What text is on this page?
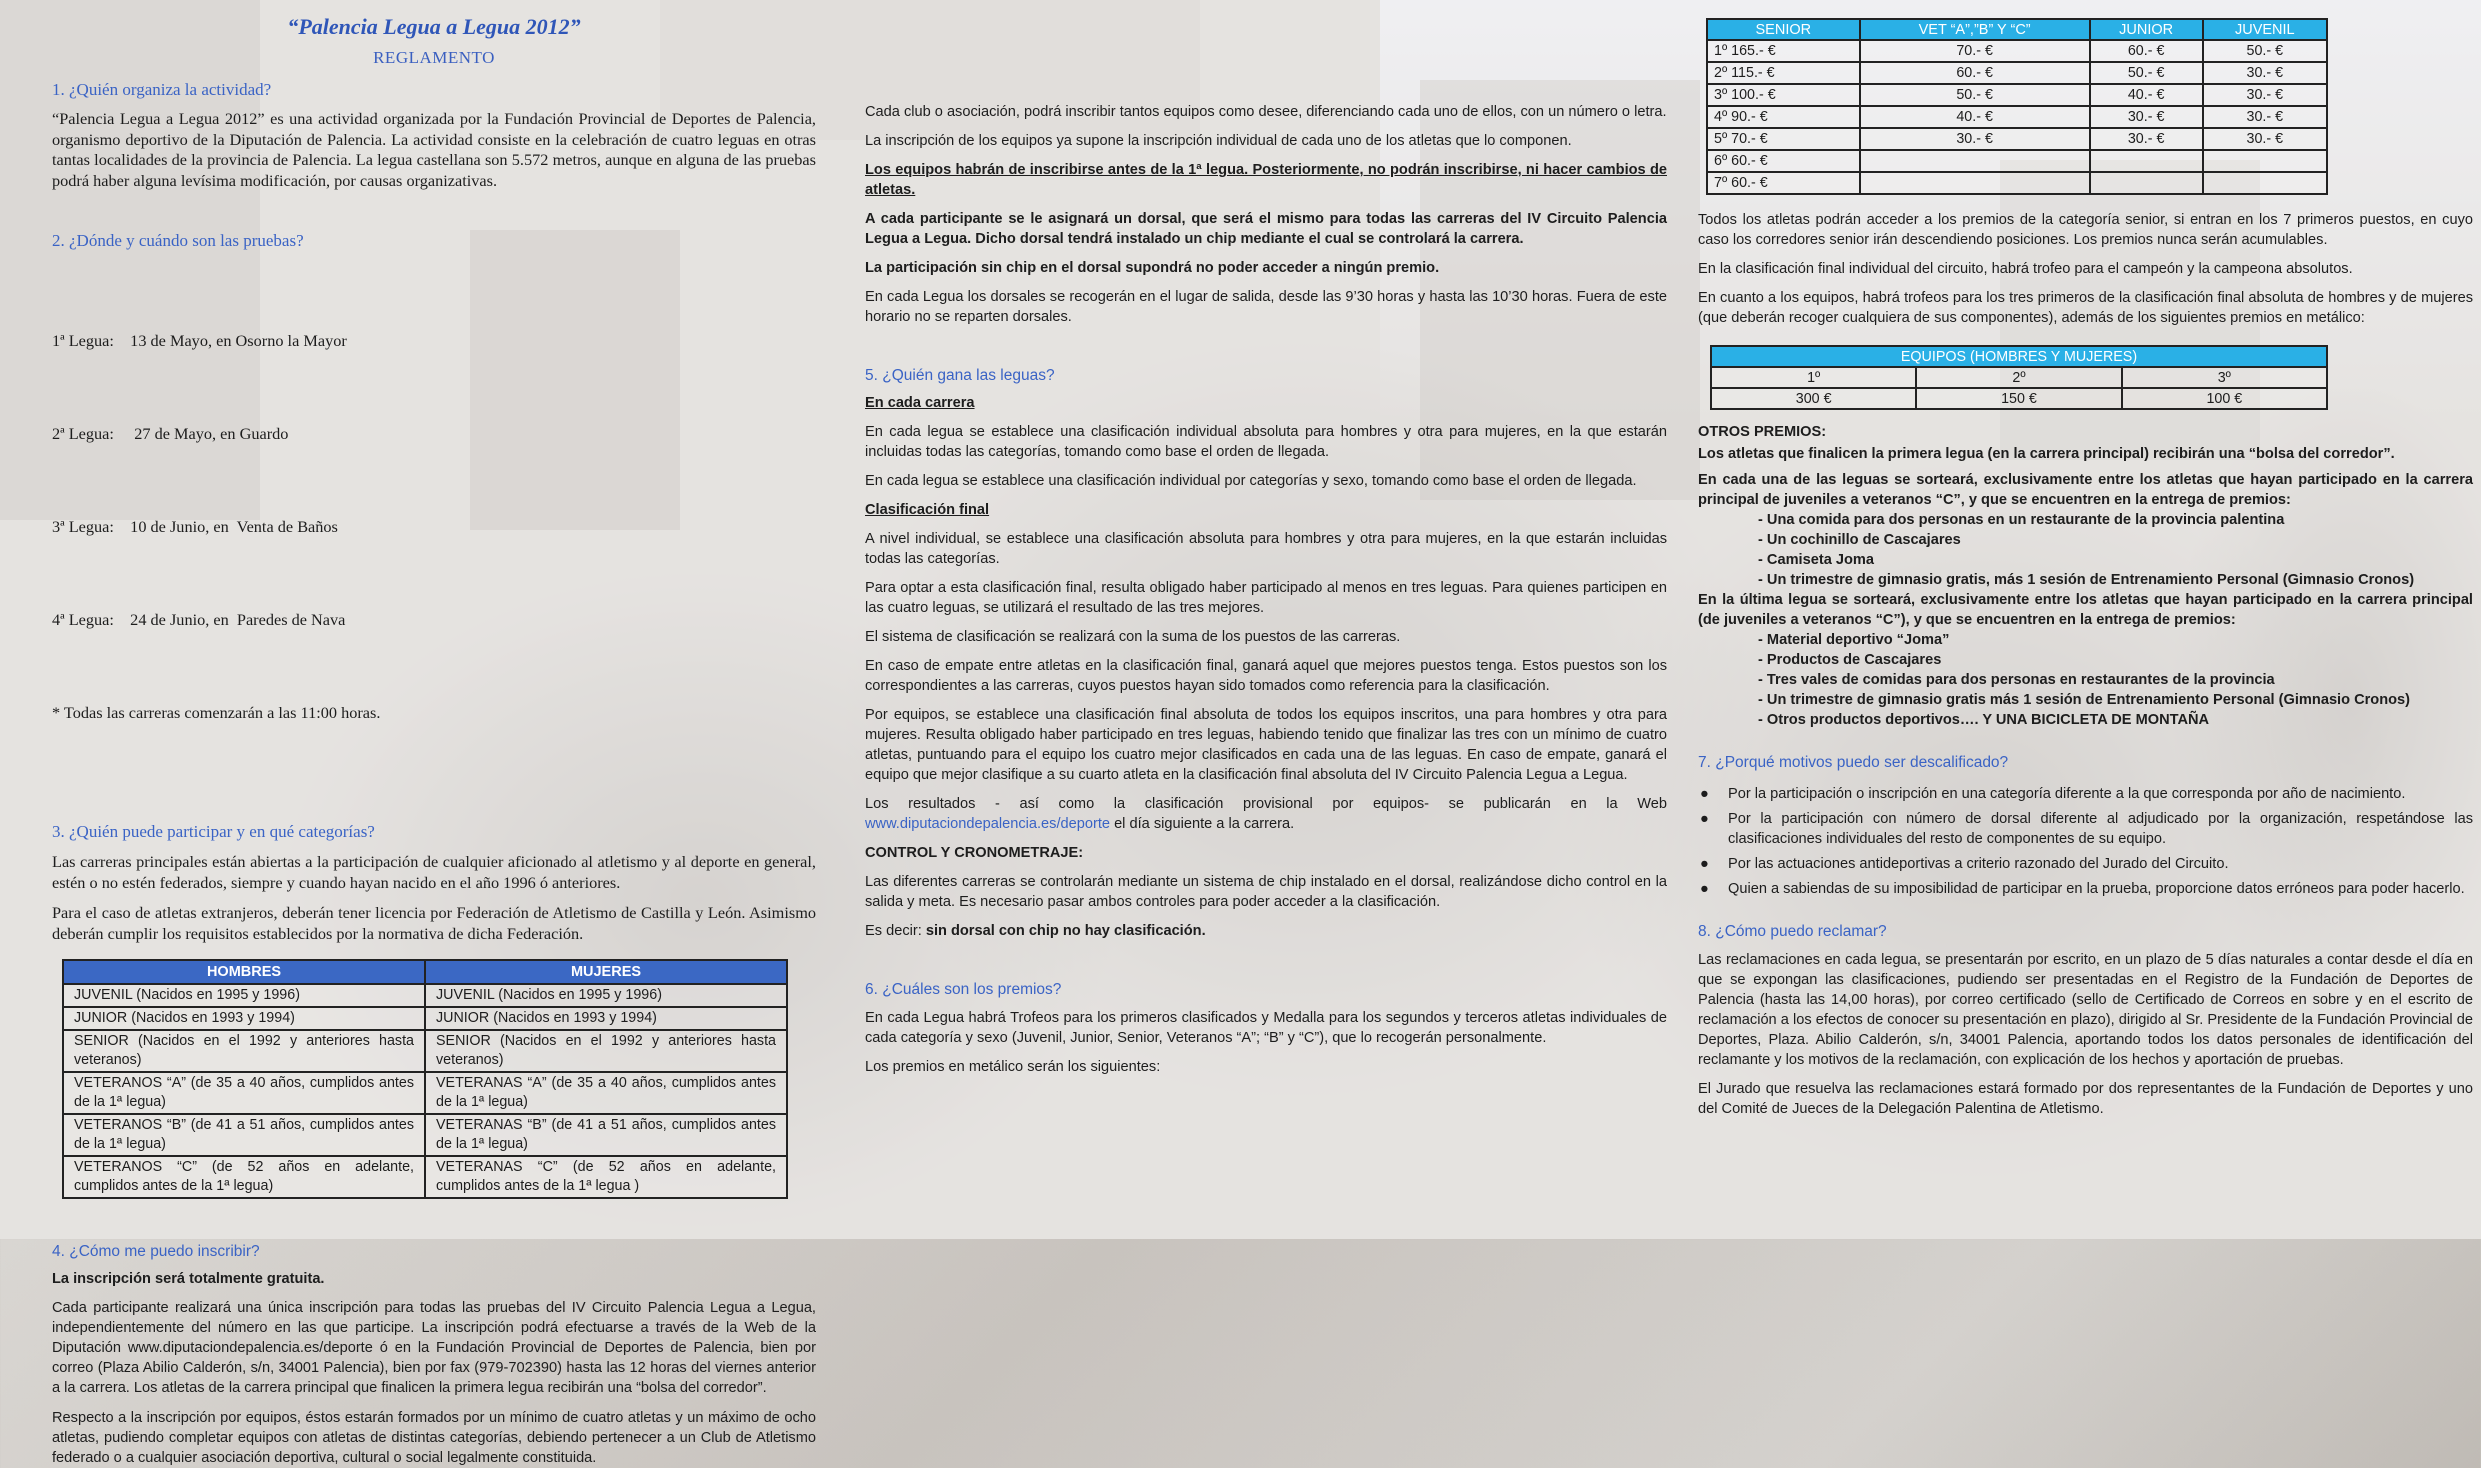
“Palencia Legua a Legua 2012”
REGLAMENTO
1. ¿Quién organiza la actividad?

“Palencia Legua a Legua 2012” es una actividad organizada por la Fundación Provincial de Deportes de Palencia, organismo deportivo de la Diputación de Palencia. La actividad consiste en la celebración de cuatro leguas en otras tantas localidades de la provincia de Palencia. La legua castellana son 5.572 metros, aunque en alguna de las pruebas podrá haber alguna levísima modificación, por causas organizativas.

2. ¿Dónde y cuándo son las pruebas?

1ª Legua:    13 de Mayo, en Osorno la Mayor

2ª Legua:     27 de Mayo, en Guardo

3ª Legua:    10 de Junio, en  Venta de Baños

4ª Legua:    24 de Junio, en  Paredes de Nava

* Todas las carreras comenzarán a las 11:00 horas.

3. ¿Quién puede participar y en qué categorías?

Las carreras principales están abiertas a la participación de cualquier aficionado al atletismo y al deporte en general, estén o no estén federados, siempre y cuando hayan nacido en el año 1996 ó anteriores.

Para el caso de atletas extranjeros, deberán tener licencia por Federación de Atletismo de Castilla y León. Asimismo deberán cumplir los requisitos establecidos por la normativa de dicha Federación.

HOMBRES	MUJERES
JUVENIL (Nacidos en 1995 y 1996)	JUVENIL (Nacidos en 1995 y 1996)
JUNIOR (Nacidos en 1993 y 1994)	JUNIOR (Nacidos en 1993 y 1994)
SENIOR (Nacidos en el 1992 y anteriores hasta veteranos)	SENIOR (Nacidos en el 1992 y anteriores hasta veteranos)
VETERANOS “A” (de 35 a 40 años, cumplidos antes de la 1ª legua)	VETERANAS “A” (de 35 a 40 años, cumplidos antes de la 1ª legua)
VETERANOS “B” (de 41 a 51 años, cumplidos antes de la 1ª legua)	VETERANAS “B” (de 41 a 51 años, cumplidos antes de la 1ª legua)
VETERANOS “C” (de 52 años en adelante, cumplidos antes de la 1ª legua)	VETERANAS “C” (de 52 años en adelante, cumplidos antes de la 1ª legua )
4. ¿Cómo me puedo inscribir?
La inscripción será totalmente gratuita.

Cada participante realizará una única inscripción para todas las pruebas del IV Circuito Palencia Legua a Legua, independientemente del número en las que participe. La inscripción podrá efectuarse a través de la Web de la Diputación www.diputaciondepalencia.es/deporte ó en la Fundación Provincial de Deportes de Palencia, bien por correo (Plaza Abilio Calderón, s/n, 34001 Palencia), bien por fax (979-702390) hasta las 12 horas del viernes anterior a la carrera. Los atletas de la carrera principal que finalicen la primera legua recibirán una “bolsa del corredor”.

Respecto a la inscripción por equipos, éstos estarán formados por un mínimo de cuatro atletas y un máximo de ocho atletas, pudiendo completar equipos con atletas de distintas categorías, debiendo pertenecer a un Club de Atletismo federado o a cualquier asociación deportiva, cultural o social legalmente constituida.

Cada club o asociación, podrá inscribir tantos equipos como desee, diferenciando cada uno de ellos, con un número o letra.

La inscripción de los equipos ya supone la inscripción individual de cada uno de los atletas que lo componen.

Los equipos habrán de inscribirse antes de la 1ª legua. Posteriormente, no podrán inscribirse, ni hacer cambios de atletas.

A cada participante se le asignará un dorsal, que será el mismo para todas las carreras del IV Circuito Palencia Legua a Legua. Dicho dorsal tendrá instalado un chip mediante el cual se controlará la carrera.

La participación sin chip en el dorsal supondrá no poder acceder a ningún premio.

En cada Legua los dorsales se recogerán en el lugar de salida, desde las 9’30 horas y hasta las 10’30 horas. Fuera de este horario no se reparten dorsales.

5. ¿Quién gana las leguas?
En cada carrera

En cada legua se establece una clasificación individual absoluta para hombres y otra para mujeres, en la que estarán incluidas todas las categorías, tomando como base el orden de llegada.

En cada legua se establece una clasificación individual por categorías y sexo, tomando como base el orden de llegada.

Clasificación final

A nivel individual, se establece una clasificación absoluta para hombres y otra para mujeres, en la que estarán incluidas todas las categorías.

Para optar a esta clasificación final, resulta obligado haber participado al menos en tres leguas. Para quienes participen en las cuatro leguas, se utilizará el resultado de las tres mejores.

El sistema de clasificación se realizará con la suma de los puestos de las carreras.

En caso de empate entre atletas en la clasificación final, ganará aquel que mejores puestos tenga. Estos puestos son los correspondientes a las carreras, cuyos puestos hayan sido tomados como referencia para la clasificación.

Por equipos, se establece una clasificación final absoluta de todos los equipos inscritos, una para hombres y otra para mujeres. Resulta obligado haber participado en tres leguas, habiendo tenido que finalizar las tres con un mínimo de cuatro atletas, puntuando para el equipo los cuatro mejor clasificados en cada una de las leguas. En caso de empate, ganará el equipo que mejor clasifique a su cuarto atleta en la clasificación final absoluta del IV Circuito Palencia Legua a Legua.

Los resultados - así como la clasificación provisional por equipos- se publicarán en la Web www.diputaciondepalencia.es/deporte el día siguiente a la carrera.

CONTROL Y CRONOMETRAJE:

Las diferentes carreras se controlarán mediante un sistema de chip instalado en el dorsal, realizándose dicho control en la salida y meta. Es necesario pasar ambos controles para poder acceder a la clasificación.

Es decir: sin dorsal con chip no hay clasificación.

6. ¿Cuáles son los premios?

En cada Legua habrá Trofeos para los primeros clasificados y Medalla para los segundos y terceros atletas individuales de cada categoría y sexo (Juvenil, Junior, Senior, Veteranos “A”; “B” y “C”), que lo recogerán personalmente.

Los premios en metálico serán los siguientes:

SENIOR	VET “A”,”B” Y “C”	JUNIOR	JUVENIL
1º 165.- €	70.- €	60.- €	50.- €
2º 115.- €	60.- €	50.- €	30.- €
3º 100.- €	50.- €	40.- €	30.- €
4º 90.- €	40.- €	30.- €	30.- €
5º 70.- €	30.- €	30.- €	30.- €
6º 60.- €			
7º 60.- €			

Todos los atletas podrán acceder a los premios de la categoría senior, si entran en los 7 primeros puestos, en cuyo caso los corredores senior irán descendiendo posiciones. Los premios nunca serán acumulables.

En la clasificación final individual del circuito, habrá trofeo para el campeón y la campeona absolutos.

En cuanto a los equipos, habrá trofeos para los tres primeros de la clasificación final absoluta de hombres y de mujeres (que deberán recoger cualquiera de sus componentes), además de los siguientes premios en metálico:

EQUIPOS (HOMBRES Y MUJERES)		
1º	2º	3º
300 €	150 €	100 €
OTROS PREMIOS:
Los atletas que finalicen la primera legua (en la carrera principal) recibirán una “bolsa del corredor”.

En cada una de las leguas se sorteará, exclusivamente entre los atletas que hayan participado en la carrera principal de juveniles a veteranos “C”, y que se encuentren en la entrega de premios:

- Una comida para dos personas en un restaurante de la provincia palentina
- Un cochinillo de Cascajares
- Camiseta Joma
- Un trimestre de gimnasio gratis, más 1 sesión de Entrenamiento Personal (Gimnasio Cronos)

En la última legua se sorteará, exclusivamente entre los atletas que hayan participado en la carrera principal (de juveniles a veteranos “C”), y que se encuentren en la entrega de premios:

- Material deportivo “Joma”
- Productos de Cascajares
- Tres vales de comidas para dos personas en restaurantes de la provincia
- Un trimestre de gimnasio gratis más 1 sesión de Entrenamiento Personal (Gimnasio Cronos)
- Otros productos deportivos…. Y UNA BICICLETA DE MONTAÑA
7. ¿Porqué motivos puedo ser descalificado?
● Por la participación o inscripción en una categoría diferente a la que corresponda por año de nacimiento.
● Por la participación con número de dorsal diferente al adjudicado por la organización, respetándose las clasificaciones individuales del resto de componentes de su equipo.
● Por las actuaciones antideportivas a criterio razonado del Jurado del Circuito.
● Quien a sabiendas de su imposibilidad de participar en la prueba, proporcione datos erróneos para poder hacerlo.
8. ¿Cómo puedo reclamar?

Las reclamaciones en cada legua, se presentarán por escrito, en un plazo de 5 días naturales a contar desde el día en que se expongan las clasificaciones, pudiendo ser presentadas en el Registro de la Fundación de Deportes de Palencia (hasta las 14,00 horas), por correo certificado (sello de Certificado de Correos en sobre y en el escrito de reclamación a los efectos de conocer su presentación en plazo), dirigido al Sr. Presidente de la Fundación Provincial de Deportes, Plaza. Abilio Calderón, s/n, 34001 Palencia, aportando todos los datos personales de identificación del reclamante y los motivos de la reclamación, con explicación de los hechos y aportación de pruebas.

El Jurado que resuelva las reclamaciones estará formado por dos representantes de la Fundación de Deportes y uno del Comité de Jueces de la Delegación Palentina de Atletismo.
